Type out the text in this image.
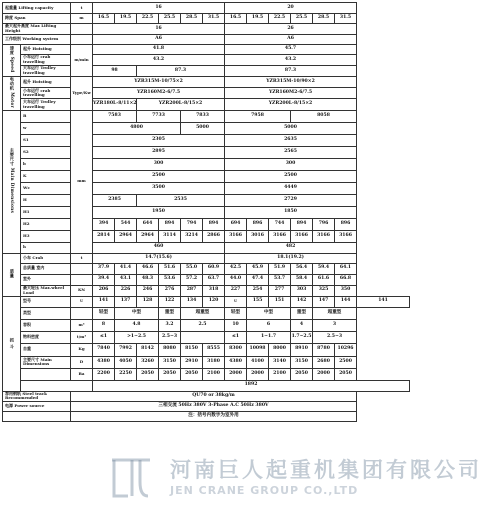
起重量 Lifting capacity		t	16						20						
跨度 Span		m	16.5	19.5	22.5	25.5	28.5	31.5	16.5	19.5	22.5	25.5	28.5	31.5	
最大起升高度 Max Lifting Height			16						26						
工作级别 Working system			A6						A6						
速度 Speed	起升 Hoisting	m/min	41.8						45.7						
	小车运行 crab travelling		43.2						43.2						
	大车运行 Trolley travelling		98		87.3				87.3						
电动机 Motor	起升 Hoisting	Type/Kw	YZR315M-10/75×2						YZR315M-10/90×2						
	小车运行 crab travelling		YZR160M2-6/7.5						YZR160M2-6/7.5						
	大车运行 Trolley travelling		YZR180L-8/11×2		YZR200L-8/15×2				YZR200L-8/15×2						
主要尺寸 Main Dimensions	B	mm	7583		7733		7833		7958			8058			
	w		4800				5000		5000						
	S1		2305						2635						
	S2		2895						2565						
	b		300						300						
	K		2500						2500						
	Wc		3500						4449						
	H		2385		2535				2729						
	H1		1950						1850						
	H2		394	544	644	894	794	894	694	896	744	894	796	896	
	H3		2814	2964	2964	3114	3214	2866	3166	3016	3166	3166	3166	3166	
	h		460						482						
质量	小车 Crab	t	14.7(15.6)						18.1(19.2)						
	总质量 室内		37.9	41.4	46.6	51.6	55.0	60.9	42.5	45.9	51.9	56.4	59.4	64.1	
	室外		39.4	43.1	48.3	53.6	57.2	63.7	44.0	47.4	53.7	58.4	61.6	66.8	
	最大轮压 Max.wheel Load	KN	206	226	246	276	287	318	227	254	277	303	325	350	
抓 斗	型号	U	141	137	128	122	134	120	U	155	151	142	147	144	141
	类型		轻型	中型		重型	超重型		轻型	中型		重型	超重型		
	容积	m³	8	4.8		3.2	2.5		10	6		4	3		
	物料密度	t/m³	≤1	>1~2.5		2.5~3			≤1	1~1.7		1.7~2.5	2.5~3		
	自重	Kg	7840	7992	8142	8080	8150	8555	8300	10098	8000	8910	8780	10296	
	主要尺寸 Main Dimensions	D	4380	4050	3260	3150	2910	3180	4380	4100	3140	3150	2680	2500	
		Ba	2200	2250	2050	2050	2050	2100	2000	2000	2100	2050	2000	2050	
			1892												
荐用钢轨 Steel track Recommended		QU70 or 38kg/m													
电源 Power source		三相交流 50Hz 380V 3-Phase A.C 50Hz 380V													
		注：括号内数字为室外用													
河南巨人起重机集团有限公司
JEN CRANE GROUP CO.,LTD
